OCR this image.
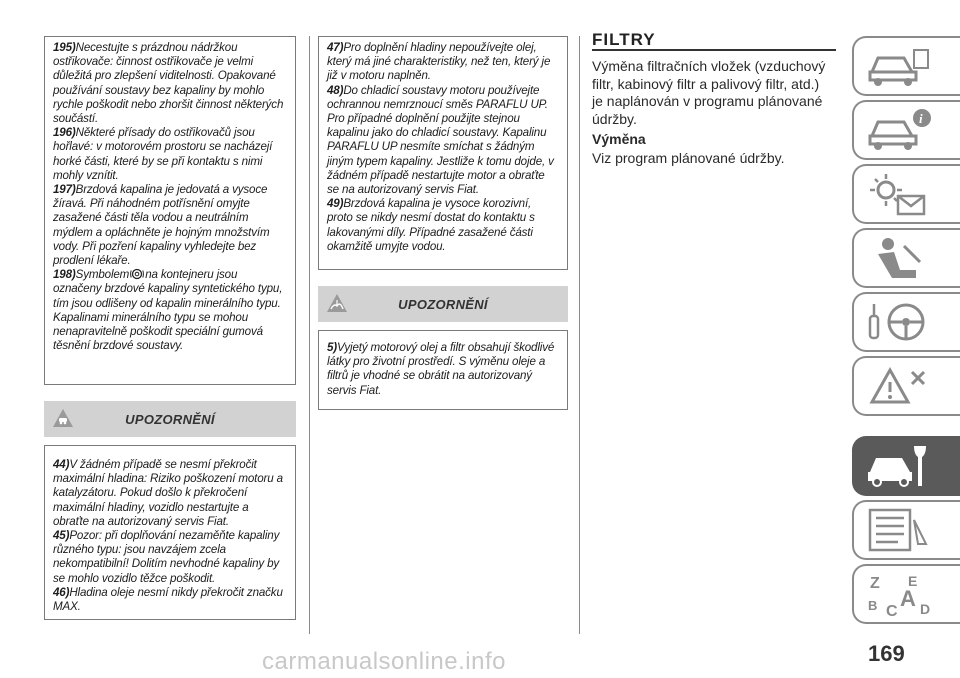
195)Necestujte s prázdnou nádržkou ostřikovače: činnost ostřikovače je velmi důležitá pro zlepšení viditelnosti. Opakované používání soustavy bez kapaliny by mohlo rychle poškodit nebo zhoršit činnost některých součástí.

196)Některé přísady do ostřikovačů jsou hořlavé: v motorovém prostoru se nacházejí horké části, které by se při kontaktu s nimi mohly vznítit.

197)Brzdová kapalina je jedovatá a vysoce žíravá. Při náhodném potřísnění omyjte zasažené části těla vodou a neutrálním mýdlem a opláchněte je hojným množstvím vody. Při pozření kapaliny vyhledejte bez prodlení lékaře.

198)Symbolem na kontejneru jsou označeny brzdové kapaliny syntetického typu, tím jsou odlišeny od kapalin minerálního typu. Kapalinami minerálního typu se mohou nenapravitelně poškodit speciální gumová těsnění brzdové soustavy.

UPOZORNĚNÍ

44)V žádném případě se nesmí překročit maximální hladina: Riziko poškození motoru a katalyzátoru. Pokud došlo k překročení maximální hladiny, vozidlo nestartujte a obraťte na autorizovaný servis Fiat.

45)Pozor: při doplňování nezaměňte kapaliny různého typu: jsou navzájem zcela nekompatibilní! Dolitím nevhodné kapaliny by se mohlo vozidlo těžce poškodit.

46)Hladina oleje nesmí nikdy překročit značku MAX.

47)Pro doplnění hladiny nepoužívejte olej, který má jiné charakteristiky, než ten, který je již v motoru naplněn.

48)Do chladicí soustavy motoru používejte ochrannou nemrznoucí směs PARAFLU UP. Pro případné doplnění použijte stejnou kapalinu jako do chladicí soustavy. Kapalinu PARAFLU UP nesmíte smíchat s žádným jiným typem kapaliny. Jestliže k tomu dojde, v žádném případě nestartujte motor a obraťte se na autorizovaný servis Fiat.

49)Brzdová kapalina je vysoce korozivní, proto se nikdy nesmí dostat do kontaktu s lakovanými díly. Případné zasažené části okamžitě umyjte vodou.

UPOZORNĚNÍ

5)Vyjetý motorový olej a filtr obsahují škodlivé látky pro životní prostředí. S výměnu oleje a filtrů je vhodné se obrátit na autorizovaný servis Fiat.

FILTRY

Výměna filtračních vložek (vzduchový filtr, kabinový filtr a palivový filtr, atd.) je naplánován v programu plánované údržby.

Výměna

Viz program plánované údržby.

i
Z E
B C
A D
169
carmanualsonline.info
